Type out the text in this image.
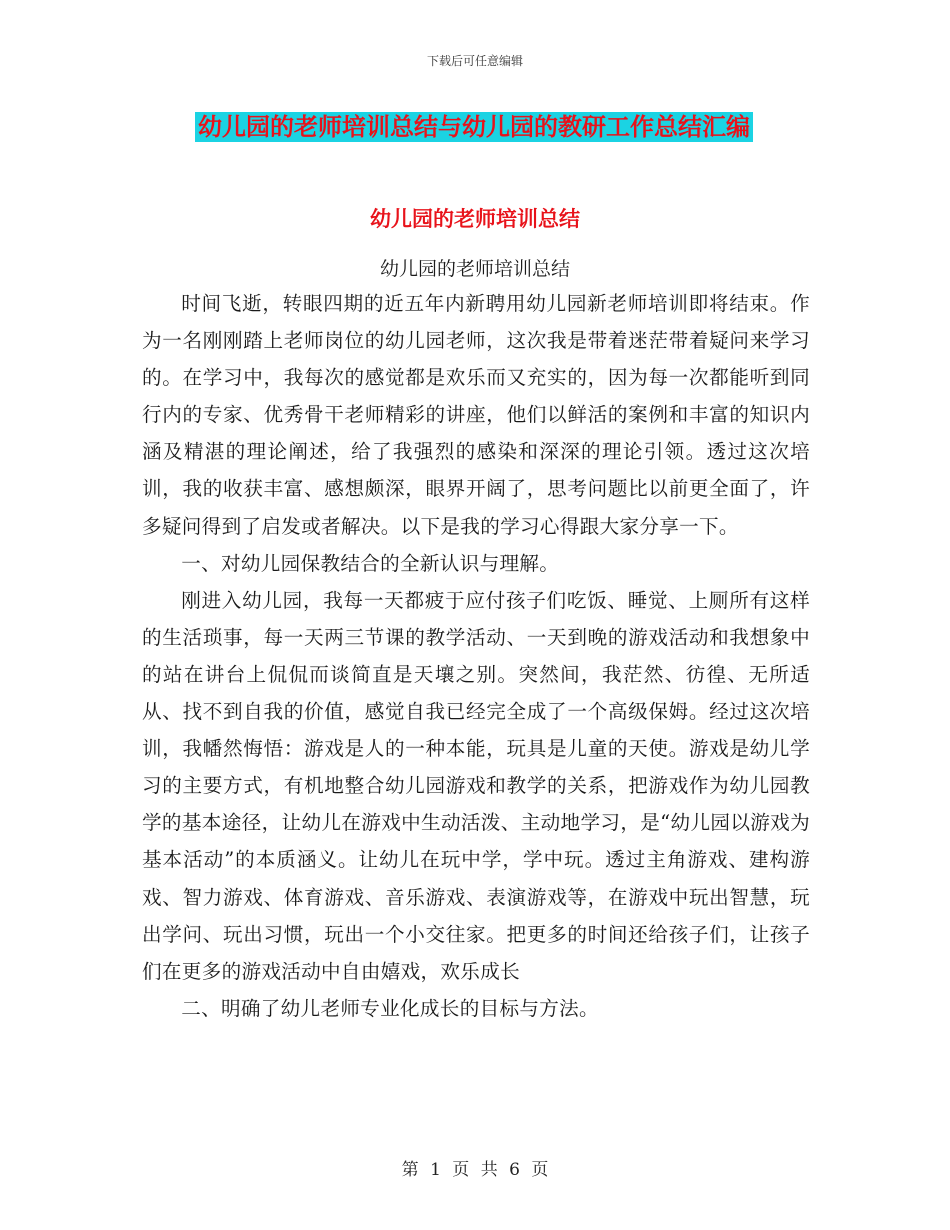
下载后可任意编辑
幼儿园的老师培训总结与幼儿园的教研工作总结汇编
幼儿园的老师培训总结
幼儿园的老师培训总结

时间飞逝，转眼四期的近五年内新聘用幼儿园新老师培训即将结束。作为一名刚刚踏上老师岗位的幼儿园老师，这次我是带着迷茫带着疑问来学习的。在学习中，我每次的感觉都是欢乐而又充实的，因为每一次都能听到同行内的专家、优秀骨干老师精彩的讲座，他们以鲜活的案例和丰富的知识内涵及精湛的理论阐述，给了我强烈的感染和深深的理论引领。透过这次培训，我的收获丰富、感想颇深，眼界开阔了，思考问题比以前更全面了，许多疑问得到了启发或者解决。以下是我的学习心得跟大家分享一下。

一、对幼儿园保教结合的全新认识与理解。

刚进入幼儿园，我每一天都疲于应付孩子们吃饭、睡觉、上厕所有这样的生活琐事，每一天两三节课的教学活动、一天到晚的游戏活动和我想象中的站在讲台上侃侃而谈简直是天壤之别。突然间，我茫然、彷徨、无所适从、找不到自我的价值，感觉自我已经完全成了一个高级保姆。经过这次培训，我幡然悔悟：游戏是人的一种本能，玩具是儿童的天使。游戏是幼儿学习的主要方式，有机地整合幼儿园游戏和教学的关系，把游戏作为幼儿园教学的基本途径，让幼儿在游戏中生动活泼、主动地学习，是“幼儿园以游戏为基本活动”的本质涵义。让幼儿在玩中学，学中玩。透过主角游戏、建构游戏、智力游戏、体育游戏、音乐游戏、表演游戏等，在游戏中玩出智慧，玩出学问、玩出习惯，玩出一个小交往家。把更多的时间还给孩子们，让孩子们在更多的游戏活动中自由嬉戏，欢乐成长

二、明确了幼儿老师专业化成长的目标与方法。

第 1 页 共 6 页
